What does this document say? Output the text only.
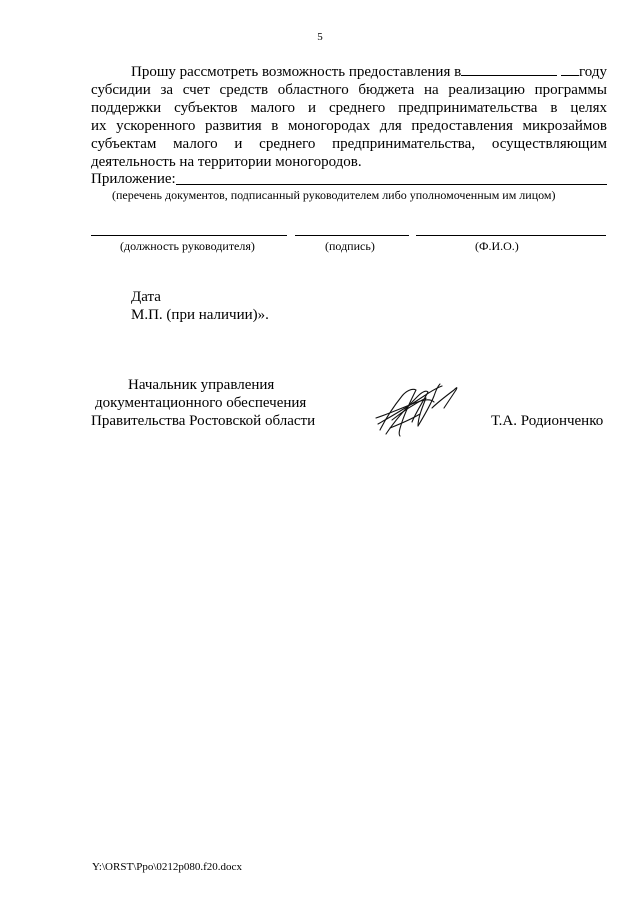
5
Прошу рассмотреть возможность предоставления в	году
субсидии за счет средств областного бюджета на реализацию программы
поддержки субъектов малого и среднего предпринимательства в целях
их ускоренного развития в моногородах для предоставления микрозаймов
субъектам малого и среднего предпринимательства, осуществляющим
деятельность на территории моногородов.
Приложение:
(перечень документов, подписанный руководителем либо уполномоченным им лицом)
(должность руководителя)	(подпись)	(Ф.И.О.)
Дата
М.П. (при наличии)».
Начальник управления
документационного обеспечения
Правительства Ростовской области	Т.А. Родионченко
Y:\ORST\Ppo\0212p080.f20.docx
